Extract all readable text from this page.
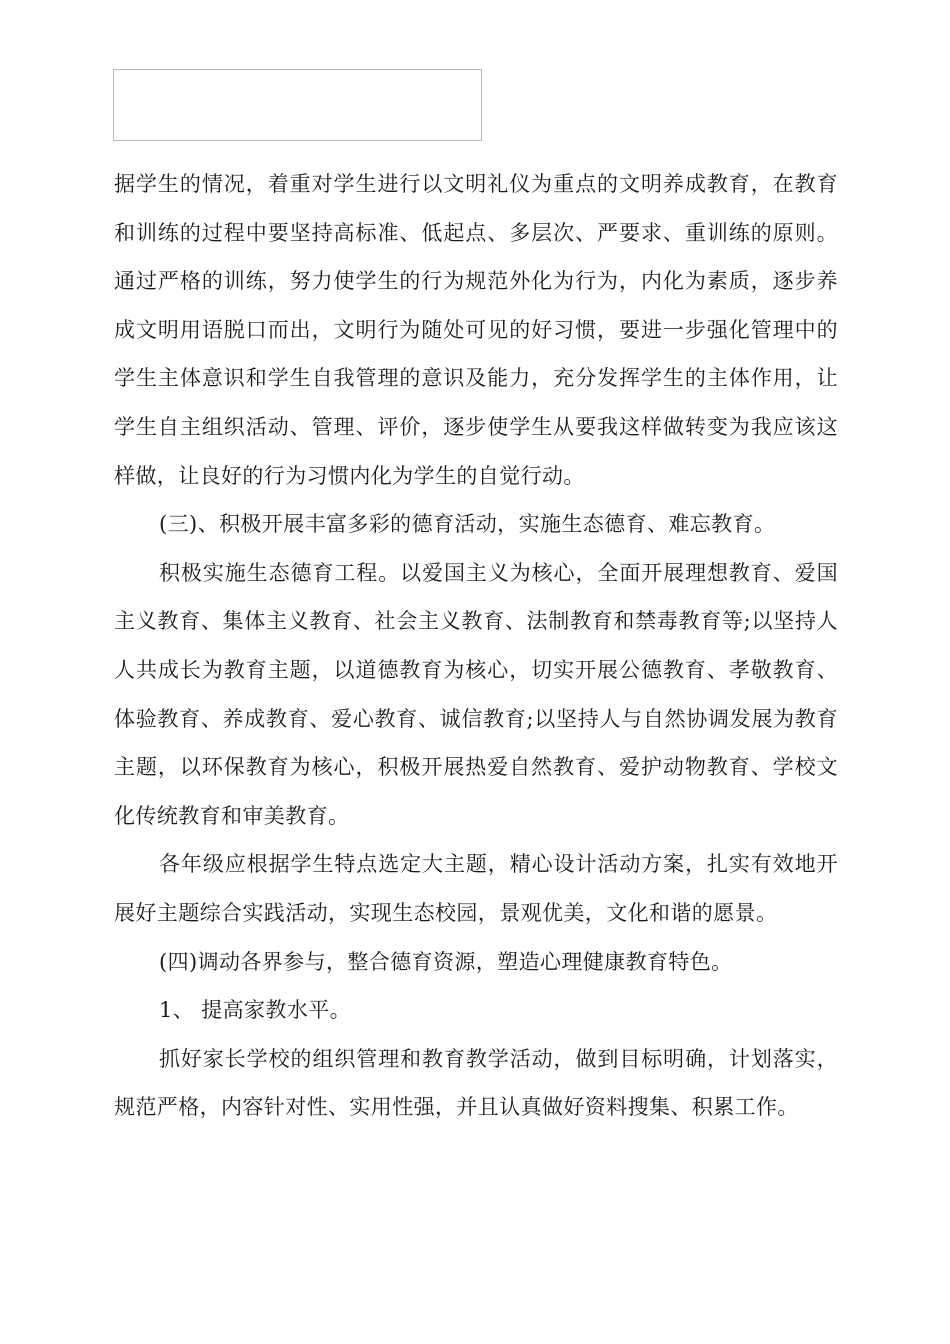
据学生的情况，着重对学生进行以文明礼仪为重点的文明养成教育，在教育和训练的过程中要坚持高标准、低起点、多层次、严要求、重训练的原则。通过严格的训练，努力使学生的行为规范外化为行为，内化为素质，逐步养成文明用语脱口而出，文明行为随处可见的好习惯，要进一步强化管理中的学生主体意识和学生自我管理的意识及能力，充分发挥学生的主体作用，让学生自主组织活动、管理、评价，逐步使学生从要我这样做转变为我应该这样做，让良好的行为习惯内化为学生的自觉行动。

(三)、积极开展丰富多彩的德育活动，实施生态德育、难忘教育。

积极实施生态德育工程。以爱国主义为核心，全面开展理想教育、爱国主义教育、集体主义教育、社会主义教育、法制教育和禁毒教育等;以坚持人人共成长为教育主题，以道德教育为核心，切实开展公德教育、孝敬教育、体验教育、养成教育、爱心教育、诚信教育;以坚持人与自然协调发展为教育主题，以环保教育为核心，积极开展热爱自然教育、爱护动物教育、学校文化传统教育和审美教育。

各年级应根据学生特点选定大主题，精心设计活动方案，扎实有效地开展好主题综合实践活动，实现生态校园，景观优美，文化和谐的愿景。

(四)调动各界参与，整合德育资源，塑造心理健康教育特色。

1、 提高家教水平。

抓好家长学校的组织管理和教育教学活动，做到目标明确，计划落实，规范严格，内容针对性、实用性强，并且认真做好资料搜集、积累工作。
